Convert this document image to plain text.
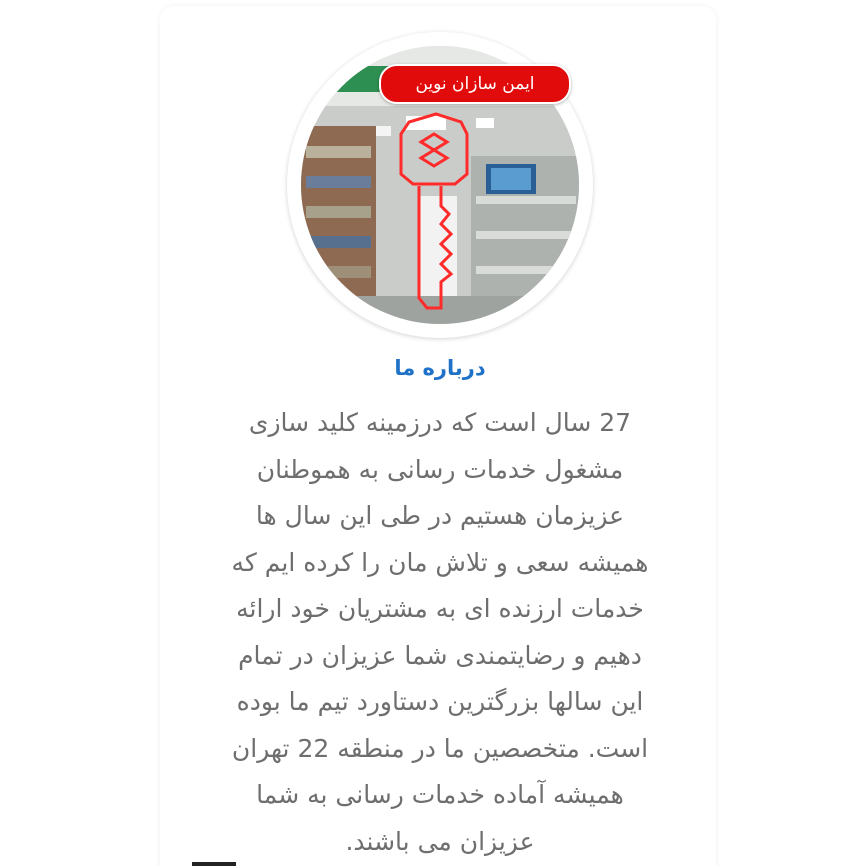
ایمن سازان نوین
درباره ما
27 سال است که درزمینه کلید سازی
مشغول خدمات رسانی به هموطنان
عزیزمان هستیم در طی این سال ها
همیشه سعی و تلاش مان را کرده ایم که
خدمات ارزنده ای به مشتریان خود ارائه
دهیم و رضایتمندی شما عزیزان در تمام
این سالها بزرگترین دستاورد تیم ما بوده
است. متخصصین ما در منطقه 22 تهران
همیشه آماده خدمات رسانی به شما
عزیزان می باشند.
